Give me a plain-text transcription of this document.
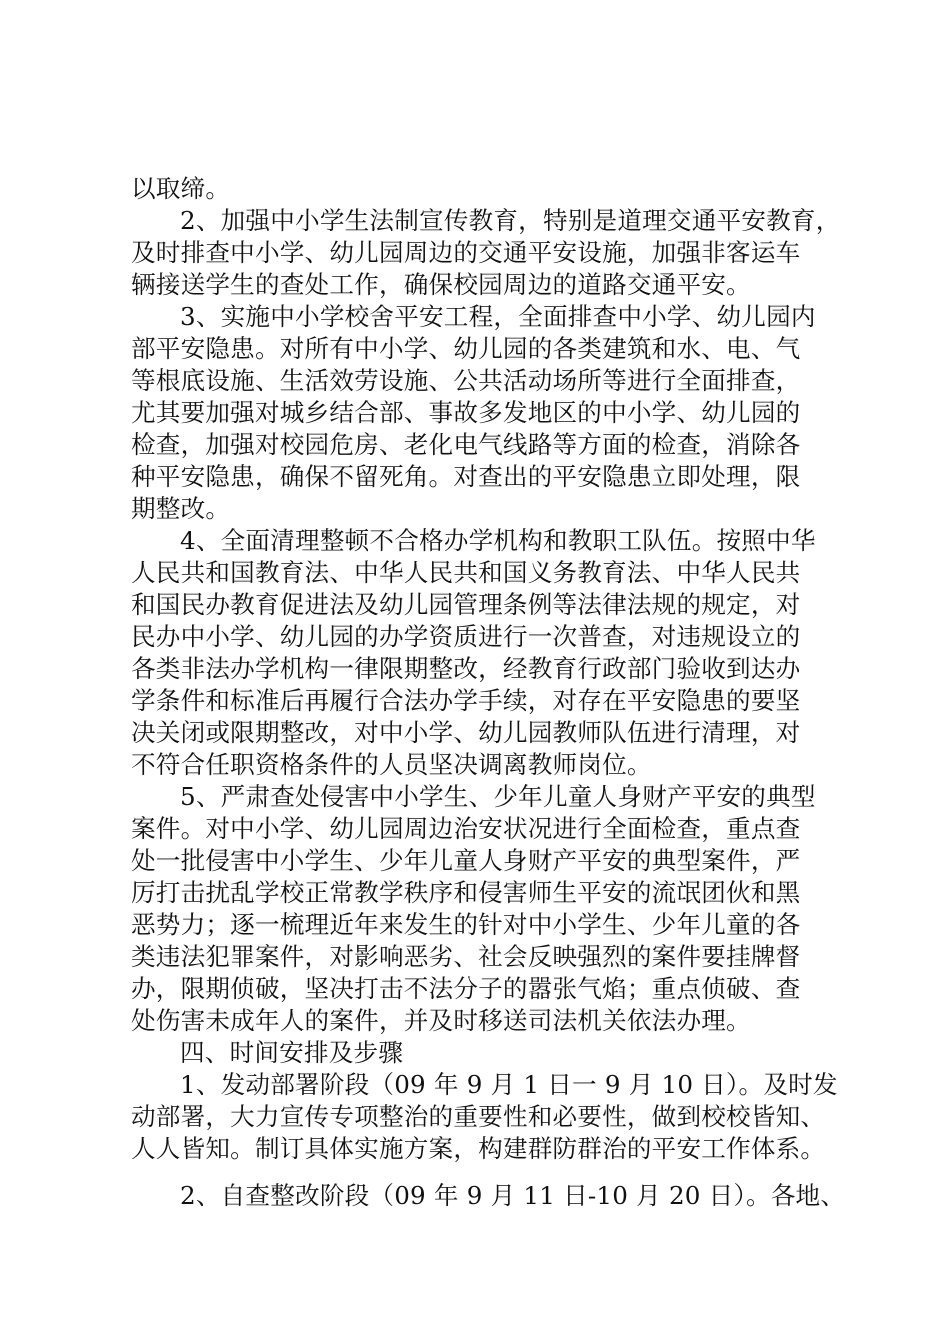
以取缔。
2、加强中小学生法制宣传教育，特别是道理交通平安教育，
及时排查中小学、幼儿园周边的交通平安设施，加强非客运车
辆接送学生的查处工作，确保校园周边的道路交通平安。
3、实施中小学校舍平安工程，全面排查中小学、幼儿园内
部平安隐患。对所有中小学、幼儿园的各类建筑和水、电、气
等根底设施、生活效劳设施、公共活动场所等进行全面排查，
尤其要加强对城乡结合部、事故多发地区的中小学、幼儿园的
检查，加强对校园危房、老化电气线路等方面的检查，消除各
种平安隐患，确保不留死角。对查出的平安隐患立即处理，限
期整改。
4、全面清理整顿不合格办学机构和教职工队伍。按照中华
人民共和国教育法、中华人民共和国义务教育法、中华人民共
和国民办教育促进法及幼儿园管理条例等法律法规的规定，对
民办中小学、幼儿园的办学资质进行一次普查，对违规设立的
各类非法办学机构一律限期整改，经教育行政部门验收到达办
学条件和标准后再履行合法办学手续，对存在平安隐患的要坚
决关闭或限期整改，对中小学、幼儿园教师队伍进行清理，对
不符合任职资格条件的人员坚决调离教师岗位。
5、严肃查处侵害中小学生、少年儿童人身财产平安的典型
案件。对中小学、幼儿园周边治安状况进行全面检查，重点查
处一批侵害中小学生、少年儿童人身财产平安的典型案件，严
厉打击扰乱学校正常教学秩序和侵害师生平安的流氓团伙和黑
恶势力；逐一梳理近年来发生的针对中小学生、少年儿童的各
类违法犯罪案件，对影响恶劣、社会反映强烈的案件要挂牌督
办，限期侦破，坚决打击不法分子的嚣张气焰；重点侦破、查
处伤害未成年人的案件，并及时移送司法机关依法办理。
四、时间安排及步骤
1、发动部署阶段（09 年 9 月 1 日一 9 月 10 日）。及时发
动部署，大力宣传专项整治的重要性和必要性，做到校校皆知、
人人皆知。制订具体实施方案，构建群防群治的平安工作体系。
2、自查整改阶段（09 年 9 月 11 日-10 月 20 日）。各地、
